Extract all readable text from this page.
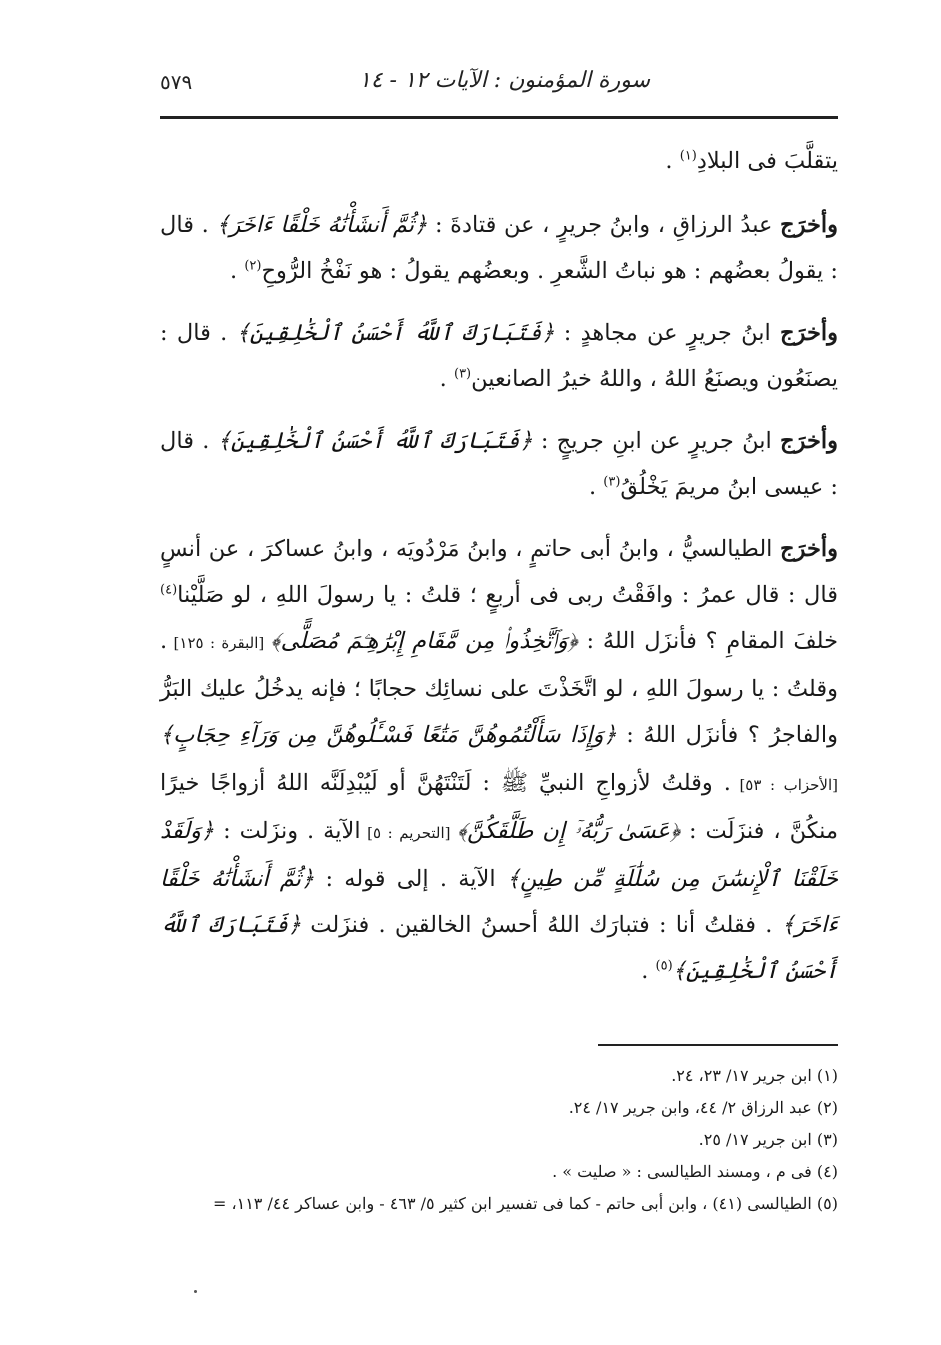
سورة المؤمنون : الآيات ١٢ - ١٤
٥٧٩

يتقلَّبَ فى البلادِ$^{(١)}$ .

وأخرَج عبدُ الرزاقِ ، وابنُ جريرٍ ، عن قتادةَ : ﴿ثُمَّ أَنشَأْنَٰهُ خَلْقًا ءَاخَرَ﴾ . قال : يقولُ بعضُهم : هو نباتُ الشَّعرِ . وبعضُهم يقولُ : هو نَفْخُ الرُّوحِ$^{(٢)}$ .

وأخرَج ابنُ جريرٍ عن مجاهدٍ : ﴿فَتَبَارَكَ ٱللَّهُ أَحْسَنُ ٱلْخَٰلِقِينَ﴾ . قال : يصنَعُون ويصنَعُ اللهُ ، واللهُ خيرُ الصانعين$^{(٣)}$ .

وأخرَج ابنُ جريرٍ عن ابنِ جريجٍ : ﴿فَتَبَارَكَ ٱللَّهُ أَحْسَنُ ٱلْخَٰلِقِينَ﴾ . قال : عيسى ابنُ مريمَ يَخْلُقُ$^{(٣)}$ .

وأخرَج الطيالسيُّ ، وابنُ أبى حاتمٍ ، وابنُ مَرْدُويَه ، وابنُ عساكرَ ، عن أنسٍ قال : قال عمرُ : وافَقْتُ ربى فى أربعٍ ؛ قلتُ : يا رسولَ اللهِ ، لو صَلَّيْنا$^{(٤)}$ خلفَ المقامِ ؟ فأنزَل اللهُ : ﴿وَٱتَّخِذُوا۟ مِن مَّقَامِ إِبْرَٰهِـۧمَ مُصَلًّى﴾ [البقرة : ١٢٥] . وقلتُ : يا رسولَ اللهِ ، لو اتَّخَذْتَ على نسائِك حجابًا ؛ فإنه يدخُلُ عليك البَرُّ والفاجرُ ؟ فأنزَل اللهُ : ﴿وَإِذَا سَأَلْتُمُوهُنَّ مَتَٰعًا فَسْـَٔلُوهُنَّ مِن وَرَآءِ حِجَابٍ﴾ [الأحزاب : ٥٣] . وقلتُ لأزواجِ النبيِّ ﷺ : لَتَنْتَهُنَّ أو لَيُبْدِلَنَّه اللهُ أزواجًا خيرًا منكُنَّ ، فنزَلَت : ﴿عَسَىٰ رَبُّهُۥٓ إِن طَلَّقَكُنَّ﴾ [التحريم : ٥] الآية . ونزَلت : ﴿وَلَقَدْ خَلَقْنَا ٱلْإِنسَٰنَ مِن سُلَٰلَةٍ مِّن طِينٍ﴾ الآية . إلى قوله : ﴿ثُمَّ أَنشَأْنَٰهُ خَلْقًا ءَاخَرَ﴾ . فقلتُ أنا : فتبارَك اللهُ أحسنُ الخالقين . فنزَلت ﴿فَتَبَارَكَ ٱللَّهُ أَحْسَنُ ٱلْخَٰلِقِينَ﴾$^{(٥)}$ .

(١) ابن جرير ١٧/ ٢٣، ٢٤.

(٢) عبد الرزاق ٢/ ٤٤، وابن جرير ١٧/ ٢٤.

(٣) ابن جرير ١٧/ ٢٥.

(٤) فى م ، ومسند الطيالسى : « صليت » .

(٥) الطيالسى (٤١) ، وابن أبى حاتم - كما فى تفسير ابن كثير ٥/ ٤٦٣ - وابن عساكر ٤٤/ ١١٣، =
